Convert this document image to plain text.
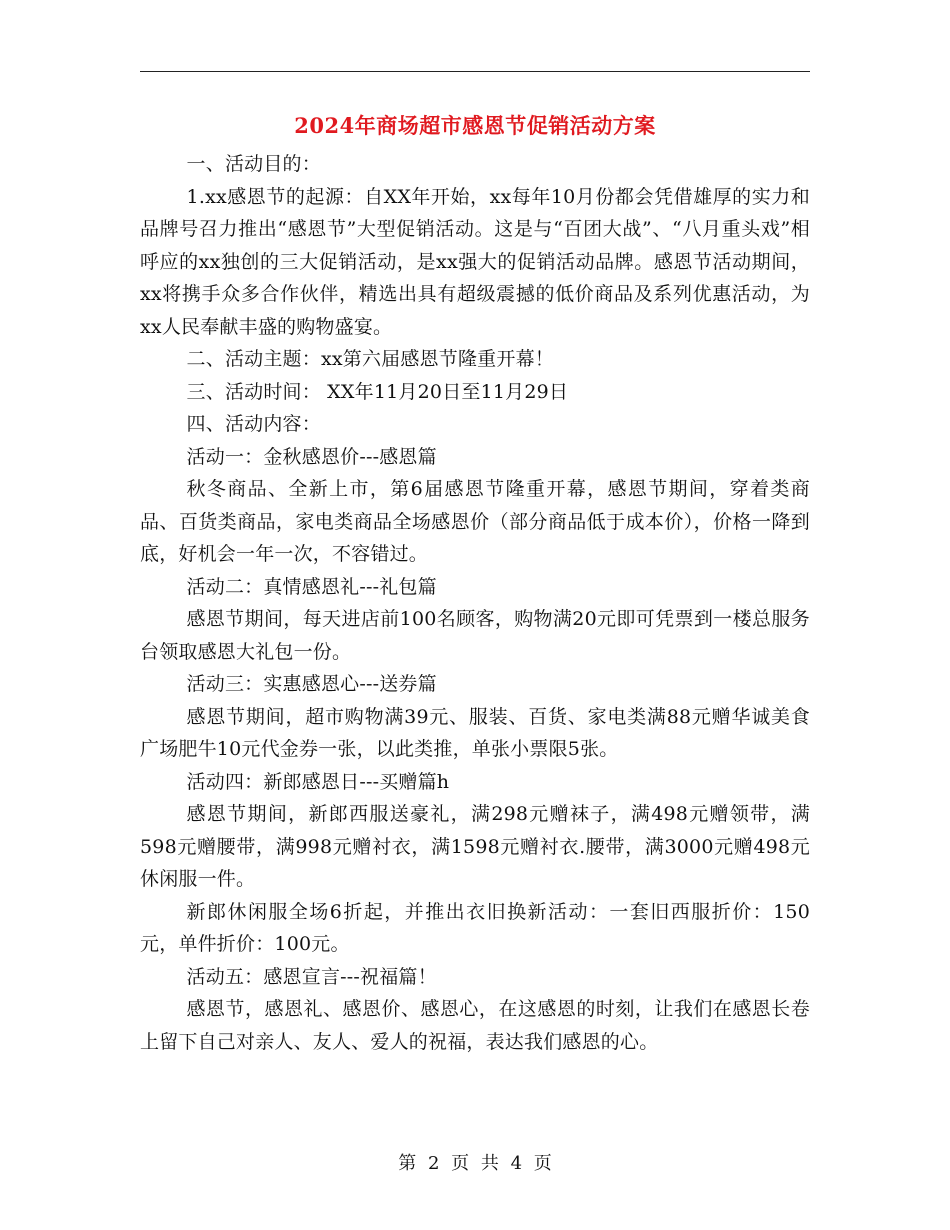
2024年商场超市感恩节促销活动方案

一、活动目的：

1.xx感恩节的起源：自XX年开始，xx每年10月份都会凭借雄厚的实力和品牌号召力推出“感恩节”大型促销活动。这是与“百团大战”、“八月重头戏”相呼应的xx独创的三大促销活动，是xx强大的促销活动品牌。感恩节活动期间，xx将携手众多合作伙伴，精选出具有超级震撼的低价商品及系列优惠活动，为xx人民奉献丰盛的购物盛宴。

二、活动主题：xx第六届感恩节隆重开幕！

三、活动时间： XX年11月20日至11月29日

四、活动内容：

活动一：金秋感恩价---感恩篇

秋冬商品、全新上市，第6届感恩节隆重开幕，感恩节期间，穿着类商品、百货类商品，家电类商品全场感恩价（部分商品低于成本价），价格一降到底，好机会一年一次，不容错过。

活动二：真情感恩礼---礼包篇

感恩节期间，每天进店前100名顾客，购物满20元即可凭票到一楼总服务台领取感恩大礼包一份。

活动三：实惠感恩心---送券篇

感恩节期间，超市购物满39元、服装、百货、家电类满88元赠华诚美食广场肥牛10元代金券一张，以此类推，单张小票限5张。

活动四：新郎感恩日---买赠篇h

感恩节期间，新郎西服送豪礼，满298元赠袜子，满498元赠领带，满598元赠腰带，满998元赠衬衣，满1598元赠衬衣.腰带，满3000元赠498元休闲服一件。

新郎休闲服全场6折起，并推出衣旧换新活动：一套旧西服折价：150元，单件折价：100元。

活动五：感恩宣言---祝福篇！

感恩节，感恩礼、感恩价、感恩心，在这感恩的时刻，让我们在感恩长卷上留下自己对亲人、友人、爱人的祝福，表达我们感恩的心。

第 2 页 共 4 页
